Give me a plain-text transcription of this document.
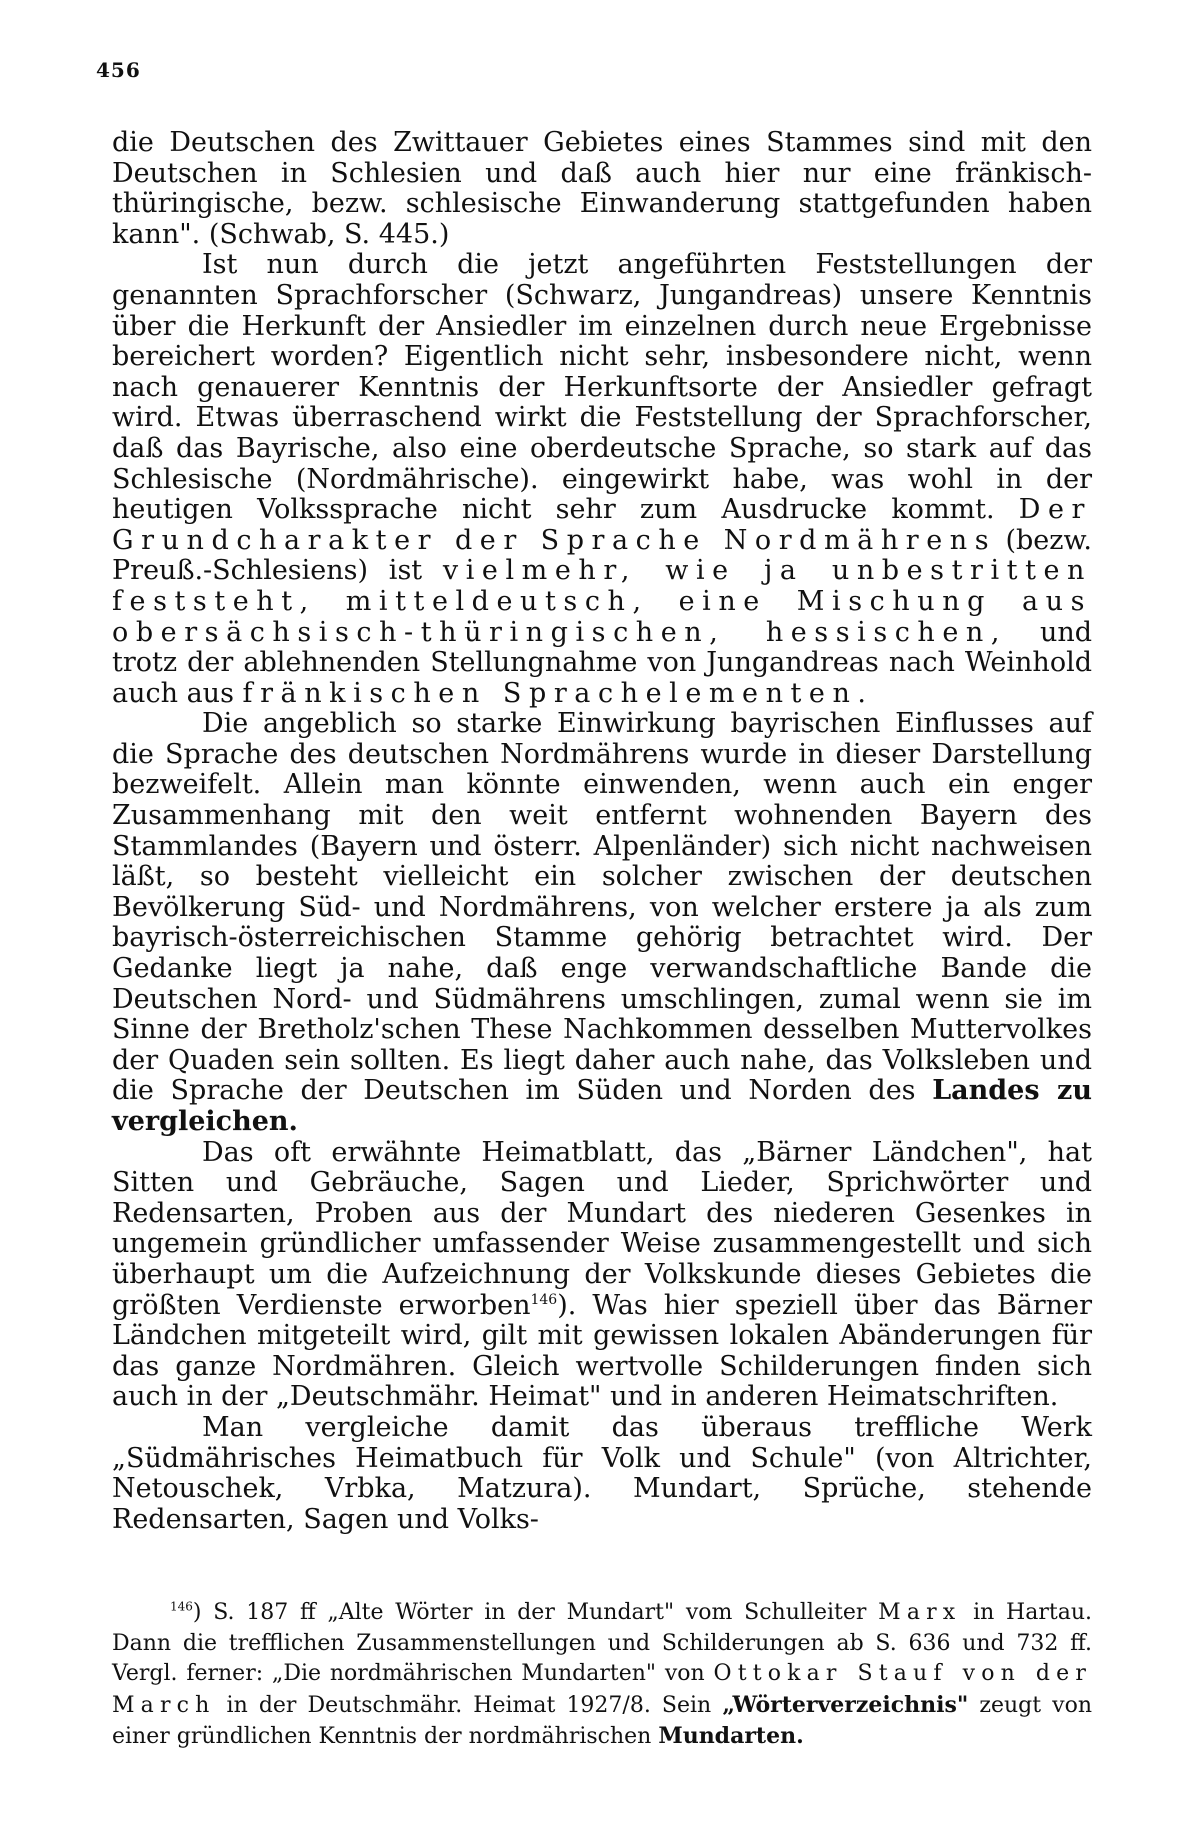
456

die Deutschen des Zwittauer Gebietes eines Stammes sind mit den Deutschen in Schlesien und daß auch hier nur eine fränkisch-thüringische, bezw. schlesische Einwanderung stattgefunden haben kann". (Schwab, S. 445.)

Ist nun durch die jetzt angeführten Feststellungen der genannten Sprachforscher (Schwarz, Jungandreas) unsere Kenntnis über die Herkunft der Ansiedler im einzelnen durch neue Ergebnisse bereichert worden? Eigentlich nicht sehr, insbesondere nicht, wenn nach genauerer Kenntnis der Herkunftsorte der Ansiedler gefragt wird. Etwas überraschend wirkt die Feststellung der Sprachforscher, daß das Bayrische, also eine oberdeutsche Sprache, so stark auf das Schlesische (Nordmährische). eingewirkt habe, was wohl in der heutigen Volkssprache nicht sehr zum Ausdrucke kommt. Der Grundcharakter der Sprache Nordmährens (bezw. Preuß.-Schlesiens) ist vielmehr, wie ja unbestritten feststeht, mitteldeutsch, eine Mischung aus obersächsisch-thüringischen, hessischen, und trotz der ablehnenden Stellungnahme von Jungandreas nach Weinhold auch aus fränkischen Sprachelementen.

Die angeblich so starke Einwirkung bayrischen Einflusses auf die Sprache des deutschen Nordmährens wurde in dieser Darstellung bezweifelt. Allein man könnte einwenden, wenn auch ein enger Zusammenhang mit den weit entfernt wohnenden Bayern des Stammlandes (Bayern und österr. Alpenländer) sich nicht nachweisen läßt, so besteht vielleicht ein solcher zwischen der deutschen Bevölkerung Süd- und Nordmährens, von welcher erstere ja als zum bayrisch-österreichischen Stamme gehörig betrachtet wird. Der Gedanke liegt ja nahe, daß enge verwandschaftliche Bande die Deutschen Nord- und Südmährens umschlingen, zumal wenn sie im Sinne der Bretholz'schen These Nachkommen desselben Muttervolkes der Quaden sein sollten. Es liegt daher auch nahe, das Volksleben und die Sprache der Deutschen im Süden und Norden des Landes zu vergleichen.

Das oft erwähnte Heimatblatt, das „Bärner Ländchen", hat Sitten und Gebräuche, Sagen und Lieder, Sprichwörter und Redensarten, Proben aus der Mundart des niederen Gesenkes in ungemein gründlicher umfassender Weise zusammengestellt und sich überhaupt um die Aufzeichnung der Volkskunde dieses Gebietes die größten Verdienste erworben$^{146}$). Was hier speziell über das Bärner Ländchen mitgeteilt wird, gilt mit gewissen lokalen Abänderungen für das ganze Nordmähren. Gleich wertvolle Schilderungen finden sich auch in der „Deutschmähr. Heimat" und in anderen Heimatschriften.

Man vergleiche damit das überaus treffliche Werk „Südmährisches Heimatbuch für Volk und Schule" (von Altrichter, Netouschek, Vrbka, Matzura). Mundart, Sprüche, stehende Redensarten, Sagen und Volks-

$^{146}$) S. 187 ff „Alte Wörter in der Mundart" vom Schulleiter Marx in Hartau. Dann die trefflichen Zusammenstellungen und Schilderungen ab S. 636 und 732 ff. Vergl. ferner: „Die nordmährischen Mundarten" von Ottokar Stauf von der March in der Deutschmähr. Heimat 1927/8. Sein „Wörterverzeichnis" zeugt von einer gründlichen Kenntnis der nordmährischen Mundarten.
